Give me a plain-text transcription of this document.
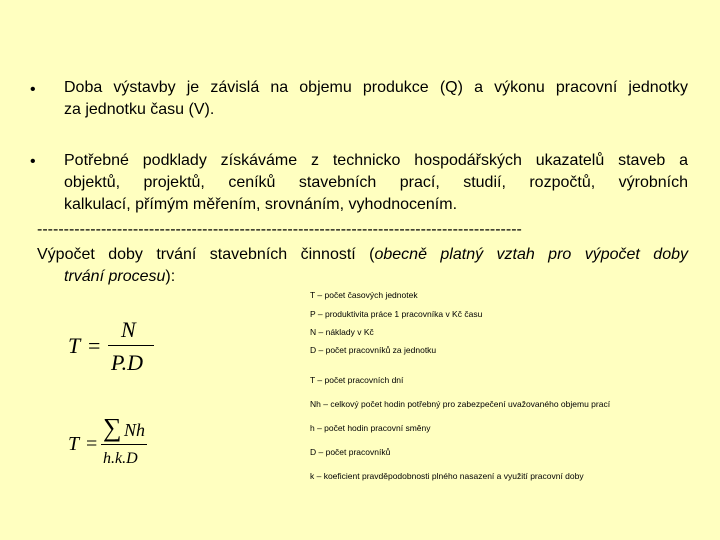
• Doba výstavby je závislá na objemu produkce (Q) a výkonu pracovní jednotky
za jednotku času (V).
• Potřebné podklady získáváme z technicko hospodářských ukazatelů staveb a
objektů, projektů, ceníků stavebních prací, studií, rozpočtů, výrobních
kalkulací, přímým měřením, srovnáním, vyhodnocením.
-------------------------------------------------------------------------------------------
Výpočet doby trvání stavebních činností (obecně platný vztah pro výpočet doby
trvání procesu):
T =
N
P.D
T =
∑ Nh
h.k.D
T – počet časových jednotek
P – produktivita práce 1 pracovníka v Kč času
N – náklady v Kč
D – počet pracovníků za jednotku
T – počet pracovních dní
Nh – celkový počet hodin potřebný pro zabezpečení uvažovaného objemu prací
h – počet hodin pracovní směny
D – počet pracovníků
k – koeficient pravděpodobnosti plného nasazení a využití pracovní doby
